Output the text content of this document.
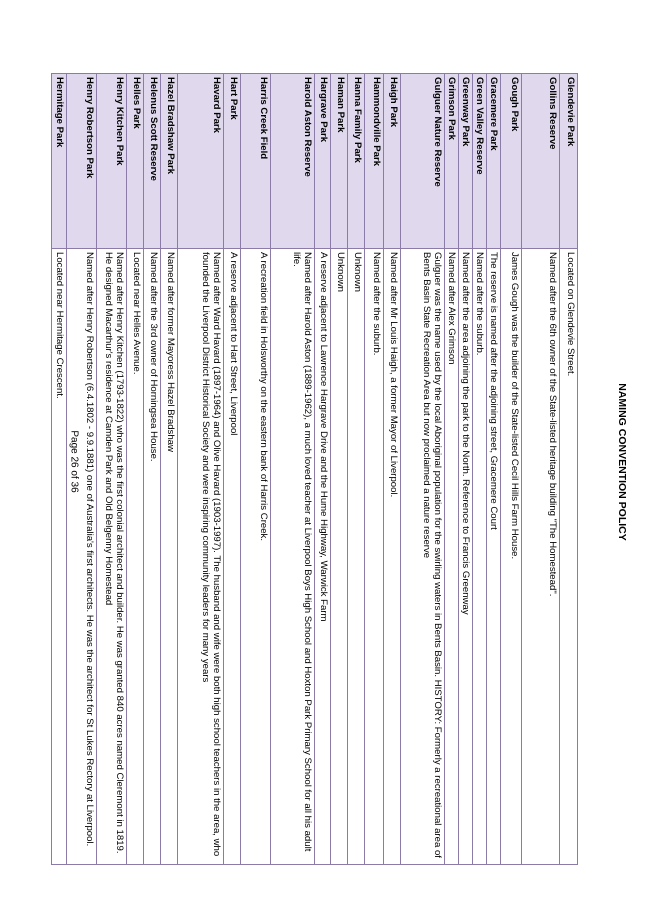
NAMING CONVENTION POLICY
Glendevie Park	Located on Glendevie Street.
Gollins Reserve	Named after the 6th owner of the State-listed heritage building "The Homestead".
Gough Park	James Gough was the builder of the State-listed Cecil Hills Farm House.
Gracemere Park	The reserve is named after the adjoining street, Gracemere Court
Green Valley Reserve	Named after the suburb.
Greenway Park	Named after the area adjoining the park to the North. Reference to Francis Greenway
Grimson Park	Named after Alex Grimson
Gulguer Nature Reserve	Gulguer was the name used by the local Aboriginal population for the swirling waters in Bents Basin. HISTORY: Formerly a recreational area of Bents Basin State Recreation Area but now proclaimed a nature reserve
Haigh Park	Named after Mr Louis Haigh, a former Mayor of Liverpool.
Hammondville Park	Named after the suburb.
Hanna Family Park	Unknown
Haman Park	Unknown
Hargrave Park	A reserve adjacent to Lawrence Hargrave Drive and the Hume Highway, Warwick Farm
Harold Aston Reserve	Named after Harold Aston (1889-1962), a much loved teacher at Liverpool Boys High School and Hoxton Park Primary School for all his adult life.
Harris Creek Field	A recreation field in Holsworthy on the eastern bank of Harris Creek.
Hart Park	A reserve adjacent to Hart Street, Liverpool
Havard Park	Named after Ward Havard (1897-1964) and Olive Havard (1903-1997). The husband and wife were both high school teachers in the area, who founded the Liverpool District Historical Society and were inspiring community leaders for many years
Hazel Bradshaw Park	Named after former Mayoress Hazel Bradshaw
Helenus Scott Reserve	Named after the 3rd owner of Horningsea House.
Helles Park	Located near Helles Avenue.
Henry Kitchen Park	Named after Henry Kitchen (1793-1822) who was the first colonial architect and builder. He was granted 840 acres named Cleremont in 1819. He designed Macarthur's residence at Camden Park and Old Belgenny Homestead
Henry Robertson Park	Named after Henry Robertson (6.4.1802 - 9.9.1881) one of Australia's first architects. He was the architect for St Lukes Rectory at Liverpool.
Hermitage Park	Located near Hermitage Crescent.
Page 26 of 36
